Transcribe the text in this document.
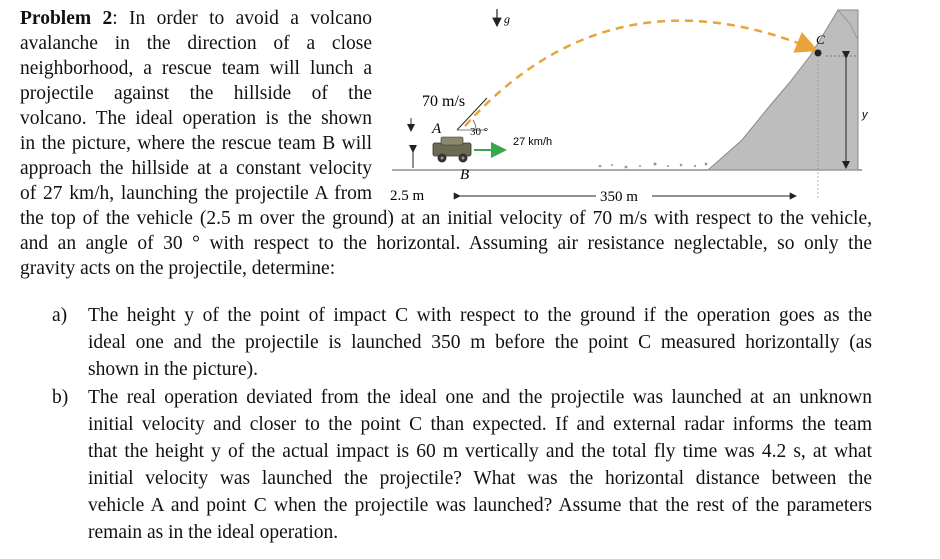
Problem 2: In order to avoid a volcano
avalanche in the direction of a close
neighborhood, a rescue team will lunch a
projectile against the hillside of the
volcano. The ideal operation is the shown
in the picture, where the rescue team B will
approach the hillside at a constant velocity
of 27 km/h, launching the projectile A from
the top of the vehicle (2.5 m over the ground) at an initial velocity of 70 m/s with respect to the vehicle,
and an angle of 30 ° with respect to the horizontal. Assuming air resistance neglectable, so only the
gravity acts on the projectile, determine:
a) The height y of the point of impact C with respect to the ground if the operation goes as the
ideal one and the projectile is launched 350 m before the point C measured horizontally (as
shown in the picture).
b) The real operation deviated from the ideal one and the projectile was launched at an unknown
initial velocity and closer to the point C than expected. If and external radar informs the team
that the height y of the actual impact is 60 m vertically and the total fly time was 4.2 s, at what
initial velocity was launched the projectile? What was the horizontal distance between the
vehicle A and point C when the projectile was launched? Assume that the rest of the parameters
remain as in the ideal operation.
y
C
g
70 m/s
30 °
A
B
27 km/h
2.5 m	350 m
